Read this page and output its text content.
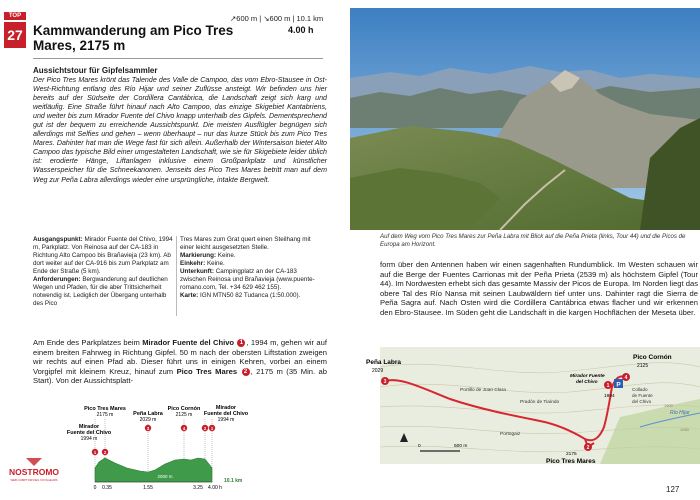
TOP
27
↗600 m | ↘600 m | 10.1 km
Kammwanderung am Pico Tres Mares, 2175 m
4.00 h
Aussichtstour für Gipfelsammler
Der Pico Tres Mares krönt das Talende des Valle de Campoo, das vom Ebro-Stausee in Ost-West-Richtung entlang des Río Hijar und seiner Zuflüsse ansteigt. Wir befinden uns hier bereits auf der Südseite der Cordillera Cantábrica, die Landschaft zeigt sich karg und weitläufig. Eine Straße führt hinauf nach Alto Campoo, das einzige Skigebiet Kantabriens, und weiter bis zum Mirador Fuente del Chivo knapp unterhalb des Gipfels. Dementsprechend gut ist der bequem zu erreichende Aussichtspunkt. Die meisten Ausflügler begnügen sich allerdings mit Selfies und gehen – wenn überhaupt – nur das kurze Stück bis zum Pico Tres Mares. Dahinter hat man die Wege fast für sich allein. Außerhalb der Wintersaison bietet Alto Campoo das typische Bild einer umgestalteten Landschaft, wie sie für Skigebiete leider üblich ist: erodierte Hänge, Liftanlagen inklusive einem Großparkplatz und künstlicher Wasserspeicher für die Schneekanonen. Jenseits des Pico Tres Mares betritt man auf dem Weg zur Peña Labra allerdings wieder eine ursprüngliche, intakte Bergwelt.
Ausgangspunkt: Mirador Fuente del Chivo, 1994 m, Parkplatz. Von Reinosa auf der CA-183 in Richtung Alto Campoo bis Brañavieja (23 km). Ab dort weiter auf der CA-916 bis zum Parkplatz am Ende der Straße (5 km).
Anforderungen: Bergwanderung auf deutlichen Wegen und Pfaden, für die aber Trittsicherheit notwendig ist. Lediglich der Übergang unterhalb des Pico
Tres Mares zum Grat quert einen Steilhang mit einer leicht ausgesetzten Stelle.
Markierung: Keine.
Einkehr: Keine.
Unterkunft: Campingplatz an der CA-183 zwischen Reinosa und Brañavieja (www.puente-romano.com, Tel. +34 629 462 155).
Karte: IGN MTN50 82 Tudanca (1:50.000).
Am Ende des Parkplatzes beim Mirador Fuente del Chivo 1 , 1994 m, gehen wir auf einem breiten Fahrweg in Richtung Gipfel. 50 m nach der obersten Liftstation zweigen wir rechts auf einen Pfad ab. Dieser führt uns in einigen Kehren, vorbei an einem Vorgipfel mit kleinem Kreuz, hinauf zum Pico Tres Mares 2 , 2175 m (35 Min. ab Start). Von der Aussichtsplatt-
Pico Tres Mares
2175 m	Peña Labra
2029 m
Pico Cornón
2125 m
Mirador
Fuente del Chivo
1994 m
Mirador
Fuente del Chivo
1994 m
2000 m
1 2
3	4	2 1
0 0.35	1.55	3.25 4.00 h
10.1 km
NOSTROMO
WEB COMPTOIR DES VOYAGEURS
Auf dem Weg vom Pico Tres Mares zur Peña Labra mit Blick auf die Peña Prieta (links, Tour 44) und die Picos de Europa am Horizont.
form über den Antennen haben wir einen sagenhaften Rundumblick. Im Westen schauen wir auf die Berge der Fuentes Carrionas mit der Peña Prieta (2539 m) als höchstem Gipfel (Tour 44). Im Nordwesten erhebt sich das gesamte Massiv der Picos de Europa. Im Norden liegt das obere Tal des Río Nansa mit seinen Laubwäldern tief unter uns. Dahinter ragt die Sierra de Peña Sagra auf. Nach Osten wird die Cordillera Cantábrica etwas flacher und wir erkennen den Ebro-Stausee. Im Süden geht die Landschaft in die kargen Hochflächen der Meseta über.
Río Híjar
3
Peña Labra
2029
4
Pico Cornón
2125
1 P
Mirador Fuente
del Chivo
1994
2
2175
Pico Tres Mares
Portillo de Juan Clara
Pradón de Tiaíndo
Portogaiz
Collado
de Fuente
del Chivo
1900
1950
0	500 m
127
